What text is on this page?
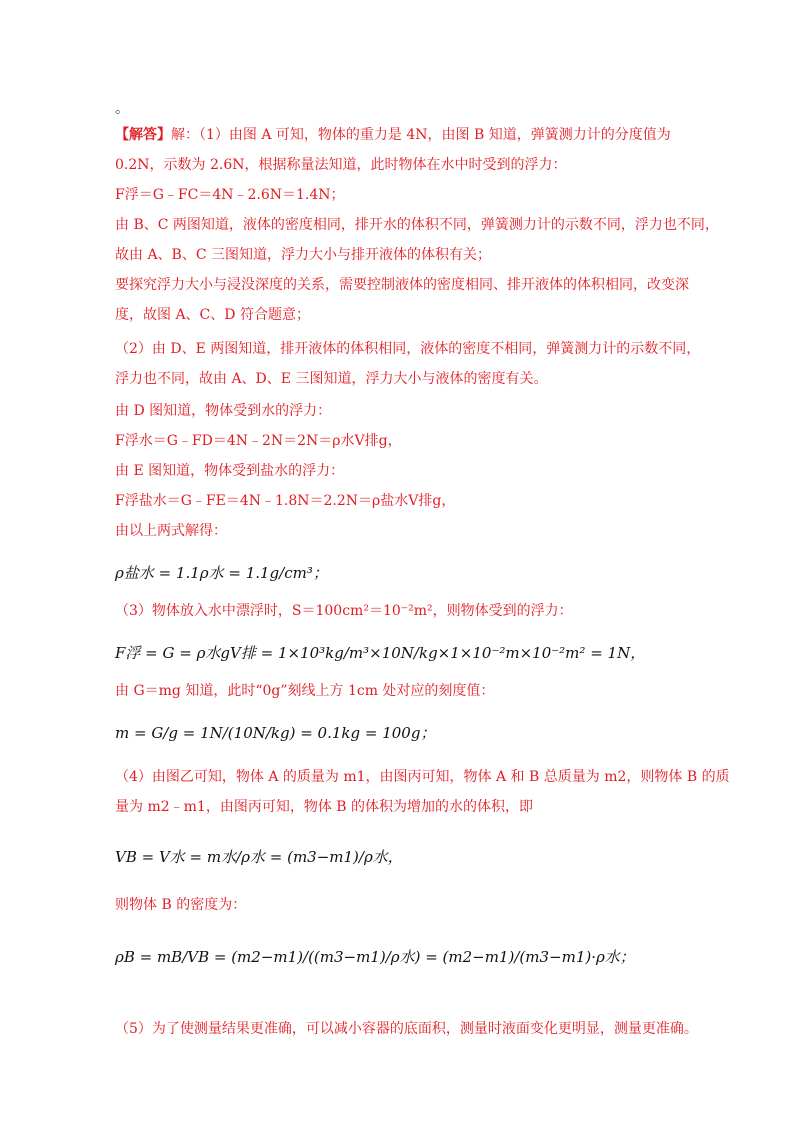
。
【解答】解：（1）由图 A 可知，物体的重力是 4N，由图 B 知道，弹簧测力计的分度值为
0.2N，示数为 2.6N，根据称量法知道，此时物体在水中时受到的浮力：
F浮＝G﹣FC＝4N﹣2.6N＝1.4N；
由 B、C 两图知道，液体的密度相同，排开水的体积不同，弹簧测力计的示数不同，浮力也不同，
故由 A、B、C 三图知道，浮力大小与排开液体的体积有关；
要探究浮力大小与浸没深度的关系，需要控制液体的密度相同、排开液体的体积相同，改变深
度，故图 A、C、D 符合题意；
（2）由 D、E 两图知道，排开液体的体积相同，液体的密度不相同，弹簧测力计的示数不同，
浮力也不同，故由 A、D、E 三图知道，浮力大小与液体的密度有关。
由 D 图知道，物体受到水的浮力：
F浮水＝G﹣FD＝4N﹣2N＝2N＝ρ水V排g，
由 E 图知道，物体受到盐水的浮力：
F浮盐水＝G﹣FE＝4N﹣1.8N＝2.2N＝ρ盐水V排g，
由以上两式解得：
ρ盐水 = 1.1ρ水 = 1.1g/cm³；
（3）物体放入水中漂浮时，S＝100cm²＝10⁻²m²，则物体受到的浮力：
F浮 = G = ρ水gV排 = 1×10³kg/m³×10N/kg×1×10⁻²m×10⁻²m² = 1N，
由 G＝mg 知道，此时“0g”刻线上方 1cm 处对应的刻度值：
m = G/g = 1N/(10N/kg) = 0.1kg = 100g；
（4）由图乙可知，物体 A 的质量为 m1，由图丙可知，物体 A 和 B 总质量为 m2，则物体 B 的质
量为 m2﹣m1，由图丙可知，物体 B 的体积为增加的水的体积，即
VB = V水 = m水/ρ水 = (m3−m1)/ρ水，
则物体 B 的密度为：
ρB = mB/VB = (m2−m1)/((m3−m1)/ρ水) = (m2−m1)/(m3−m1)·ρ水；
（5）为了使测量结果更准确，可以减小容器的底面积，测量时液面变化更明显，测量更准确。
